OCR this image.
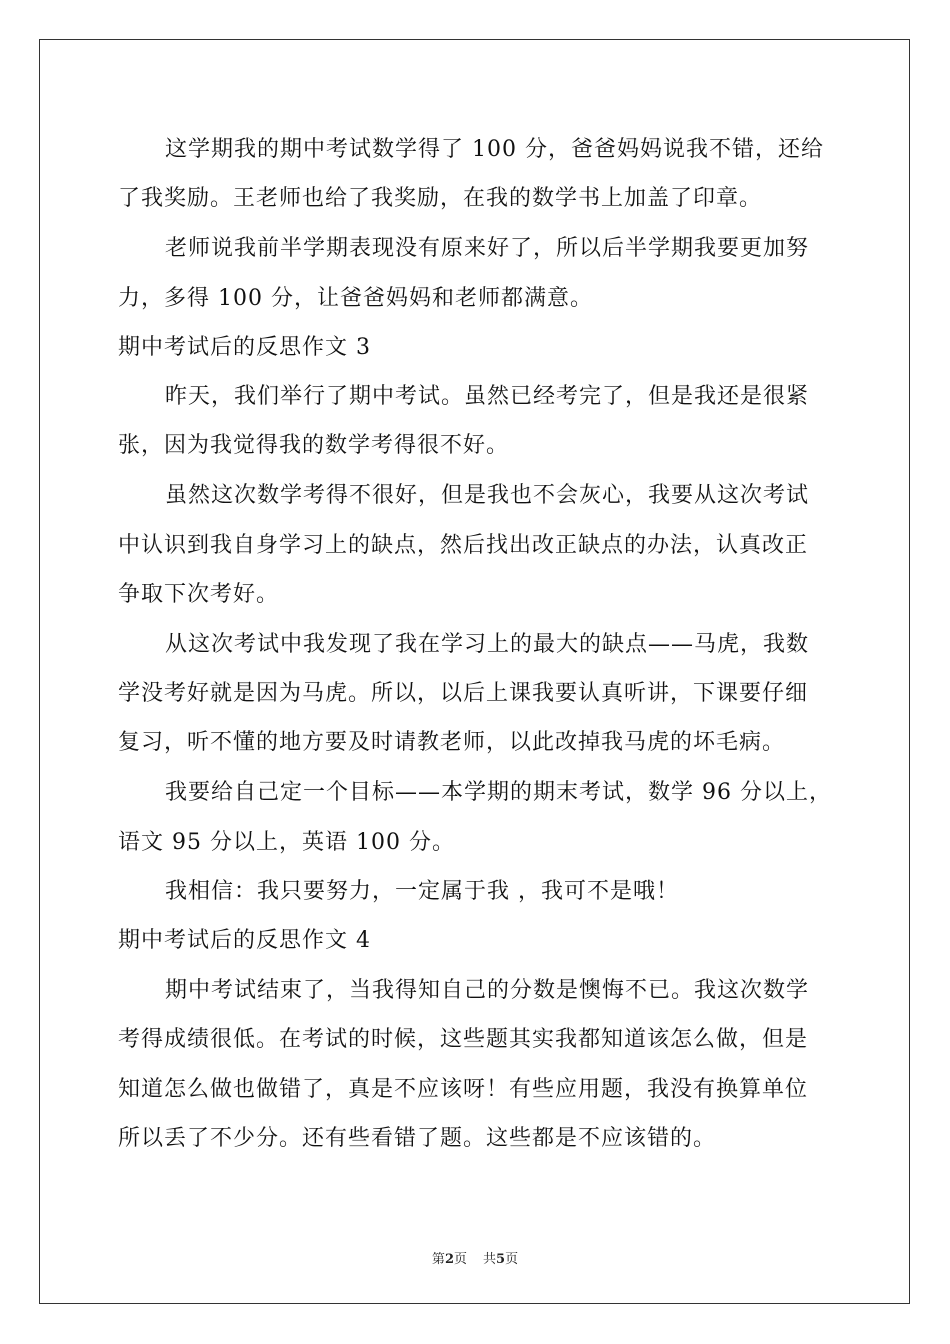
这学期我的期中考试数学得了 100 分，爸爸妈妈说我不错，还给
了我奖励。王老师也给了我奖励，在我的数学书上加盖了印章。
老师说我前半学期表现没有原来好了，所以后半学期我要更加努
力，多得 100 分，让爸爸妈妈和老师都满意。
期中考试后的反思作文 3
昨天，我们举行了期中考试。虽然已经考完了，但是我还是很紧
张，因为我觉得我的数学考得很不好。
虽然这次数学考得不很好，但是我也不会灰心，我要从这次考试
中认识到我自身学习上的缺点，然后找出改正缺点的办法，认真改正
争取下次考好。
从这次考试中我发现了我在学习上的最大的缺点——马虎，我数
学没考好就是因为马虎。所以，以后上课我要认真听讲，下课要仔细
复习，听不懂的地方要及时请教老师，以此改掉我马虎的坏毛病。
我要给自己定一个目标——本学期的期末考试，数学 96 分以上，
语文 95 分以上，英语 100 分。
我相信：我只要努力，一定属于我 ，我可不是哦！
期中考试后的反思作文 4
期中考试结束了，当我得知自己的分数是懊悔不已。我这次数学
考得成绩很低。在考试的时候，这些题其实我都知道该怎么做，但是
知道怎么做也做错了，真是不应该呀！有些应用题，我没有换算单位
所以丢了不少分。还有些看错了题。这些都是不应该错的。
第2页 共5页
